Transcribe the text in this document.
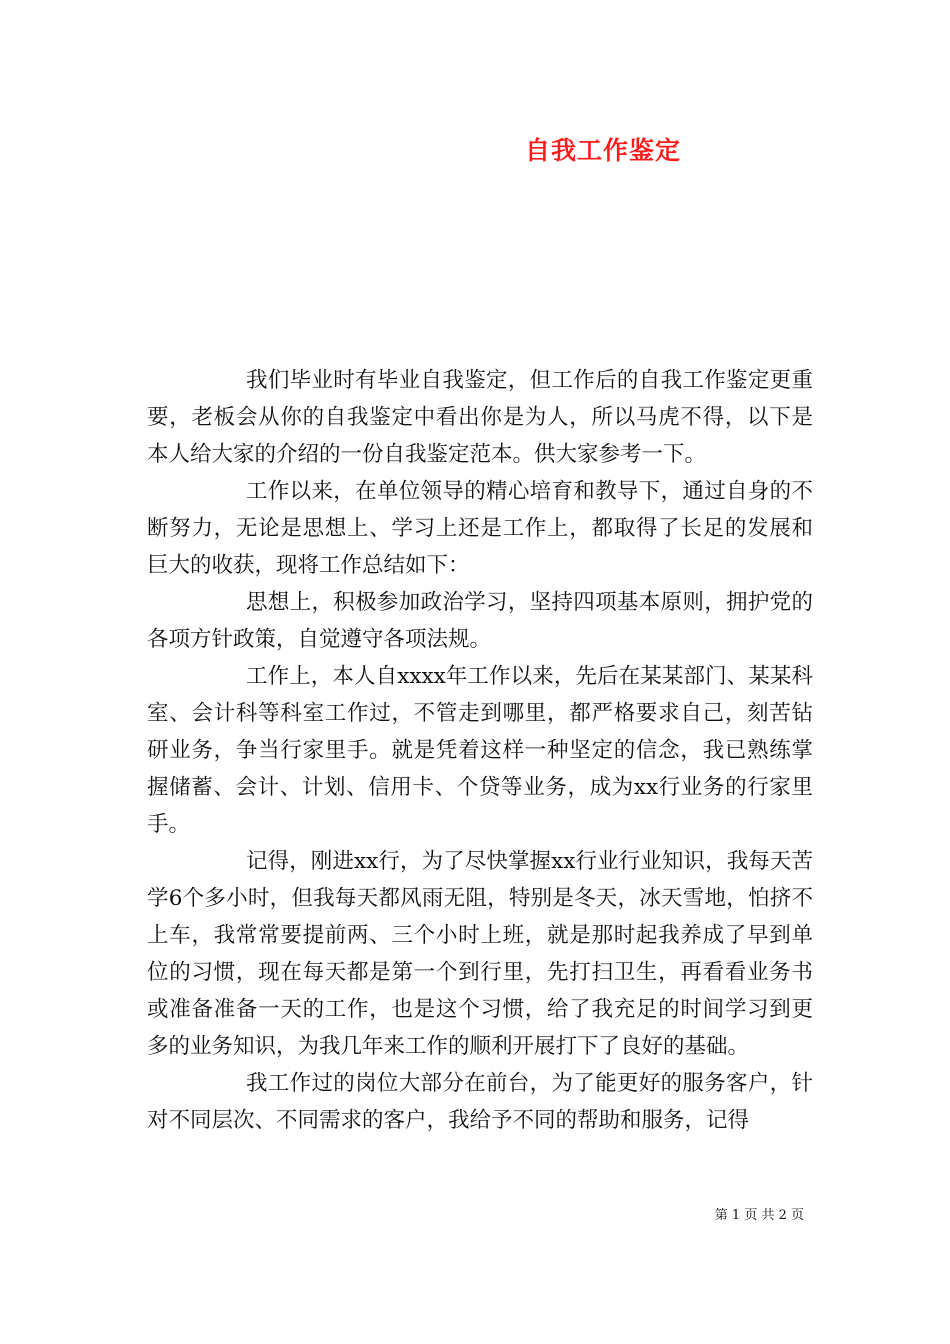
自我工作鉴定

我们毕业时有毕业自我鉴定，但工作后的自我工作鉴定更重要，老板会从你的自我鉴定中看出你是为人，所以马虎不得，以下是本人给大家的介绍的一份自我鉴定范本。供大家参考一下。

工作以来，在单位领导的精心培育和教导下，通过自身的不断努力，无论是思想上、学习上还是工作上，都取得了长足的发展和巨大的收获，现将工作总结如下：

思想上，积极参加政治学习，坚持四项基本原则，拥护党的各项方针政策，自觉遵守各项法规。

工作上，本人自xxxx年工作以来，先后在某某部门、某某科室、会计科等科室工作过，不管走到哪里，都严格要求自己，刻苦钻研业务，争当行家里手。就是凭着这样一种坚定的信念，我已熟练掌握储蓄、会计、计划、信用卡、个贷等业务，成为xx行业务的行家里手。

记得，刚进xx行，为了尽快掌握xx行业行业知识，我每天苦学6个多小时，但我每天都风雨无阻，特别是冬天，冰天雪地，怕挤不上车，我常常要提前两、三个小时上班，就是那时起我养成了早到单位的习惯，现在每天都是第一个到行里，先打扫卫生，再看看业务书或准备准备一天的工作，也是这个习惯，给了我充足的时间学习到更多的业务知识，为我几年来工作的顺利开展打下了良好的基础。

我工作过的岗位大部分在前台，为了能更好的服务客户，针对不同层次、不同需求的客户，我给予不同的帮助和服务，记得

第 1 页 共 2 页
